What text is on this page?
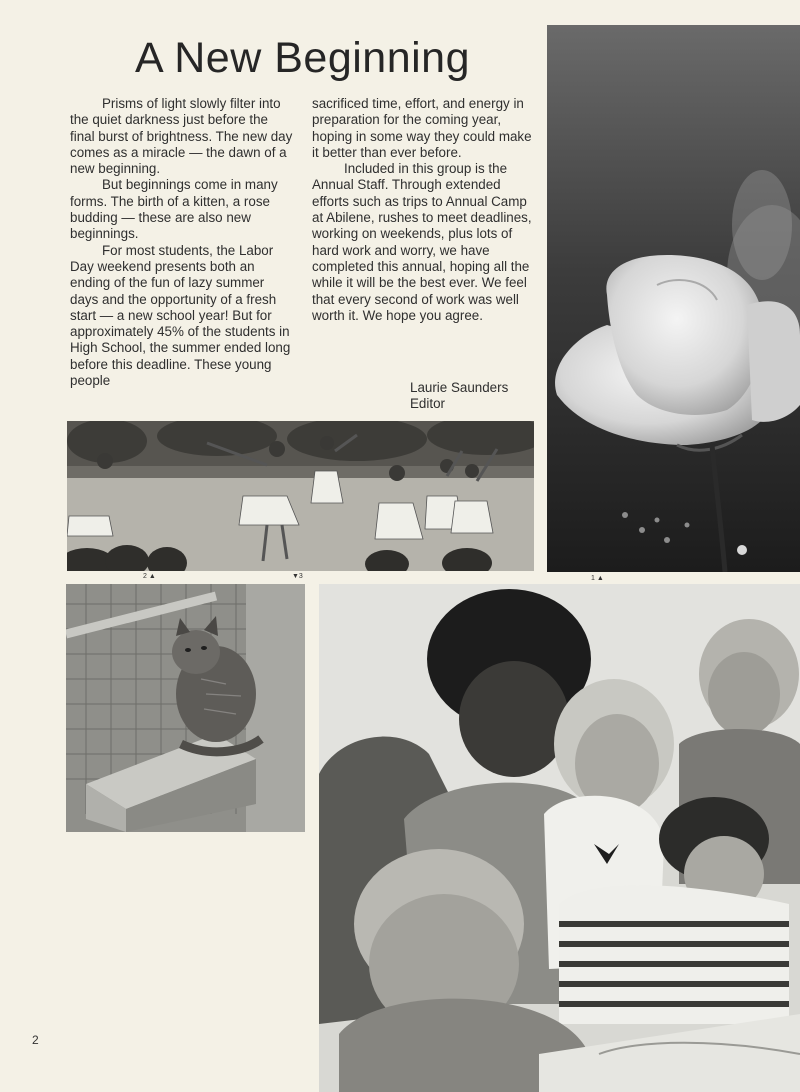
A New Beginning

Prisms of light slowly filter into the quiet darkness just before the final burst of brightness. The new day comes as a miracle — the dawn of a new beginning.

But beginnings come in many forms. The birth of a kitten, a rose budding — these are also new beginnings.

For most students, the Labor Day weekend presents both an ending of the fun of lazy summer days and the opportunity of a fresh start — a new school year! But for approximately 45% of the students in High School, the summer ended long before this deadline. These young people

sacrificed time, effort, and energy in preparation for the coming year, hoping in some way they could make it better than ever before.

Included in this group is the Annual Staff. Through extended efforts such as trips to Annual Camp at Abilene, rushes to meet deadlines, working on weekends, plus lots of hard work and worry, we have completed this annual, hoping all the while it will be the best ever. We feel that every second of work was well worth it. We hope you agree.

Laurie Saunders
Editor
2 ▲	▼3	1 ▲
2
